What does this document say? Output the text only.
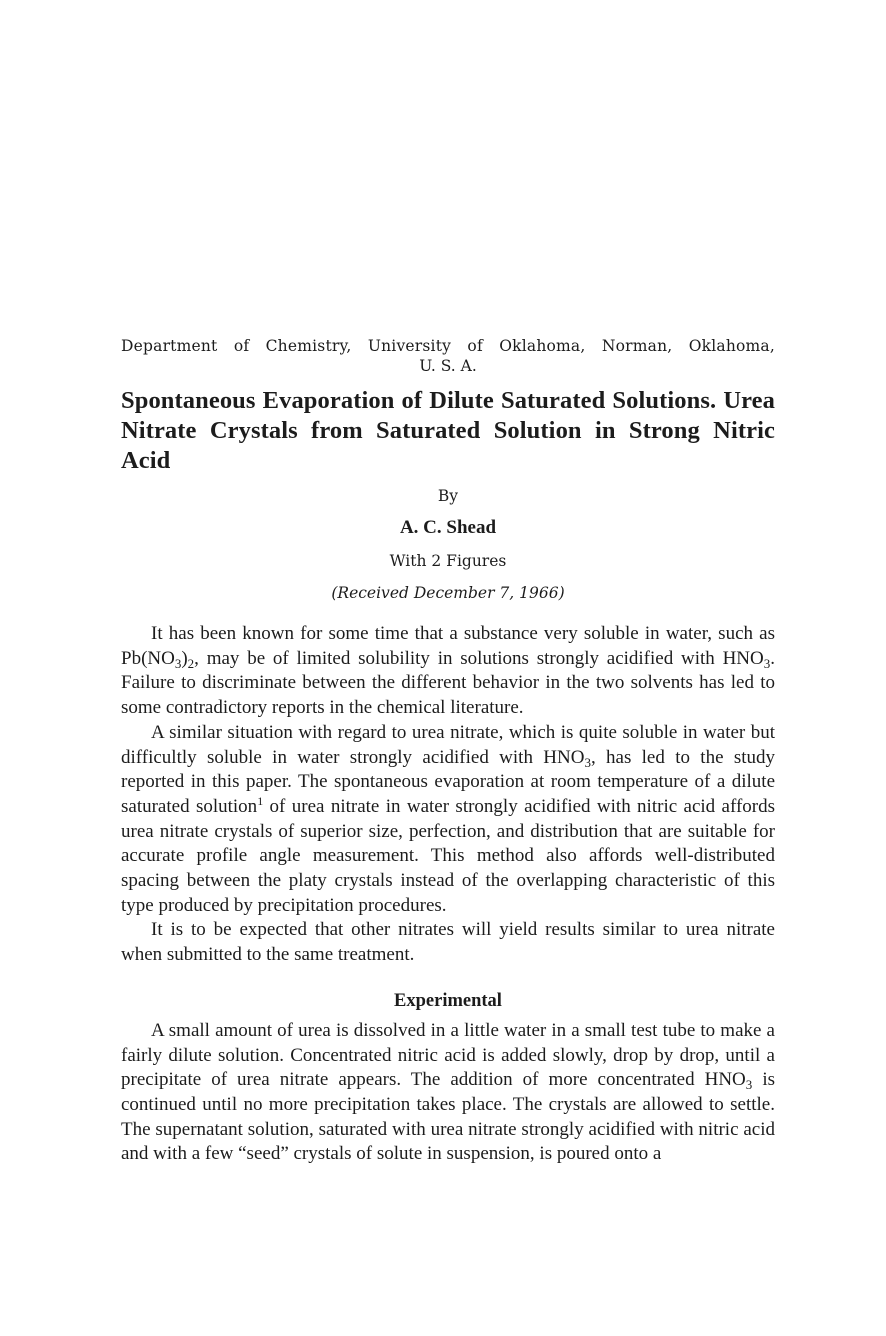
Department of Chemistry, University of Oklahoma, Norman, Oklahoma,

U. S. A.

Spontaneous Evaporation of Dilute Saturated Solutions. Urea
Nitrate Crystals from Saturated Solution in Strong Nitric Acid

By

A. C. Shead

With 2 Figures

(Received December 7, 1966)

It has been known for some time that a substance very soluble in water, such as $Pb(NO_3)_2$, may be of limited solubility in solutions strongly acidified with $HNO_3$. Failure to discriminate between the different behavior in the two solvents has led to some contradictory reports in the chemical literature.

A similar situation with regard to urea nitrate, which is quite soluble in water but difficultly soluble in water strongly acidified with $HNO_3$, has led to the study reported in this paper. The spontaneous evaporation at room temperature of a dilute saturated solution$^1$ of urea nitrate in water strongly acidified with nitric acid affords urea nitrate crystals of superior size, perfection, and distribution that are suitable for accurate profile angle measurement. This method also affords well-distributed spacing between the platy crystals instead of the overlapping characteristic of this type produced by precipitation procedures.

It is to be expected that other nitrates will yield results similar to urea nitrate when submitted to the same treatment.

Experimental

A small amount of urea is dissolved in a little water in a small test tube to make a fairly dilute solution. Concentrated nitric acid is added slowly, drop by drop, until a precipitate of urea nitrate appears. The addition of more concentrated $HNO_3$ is continued until no more precipitation takes place. The crystals are allowed to settle. The supernatant solution, saturated with urea nitrate strongly acidified with nitric acid and with a few “seed” crystals of solute in suspension, is poured onto a
